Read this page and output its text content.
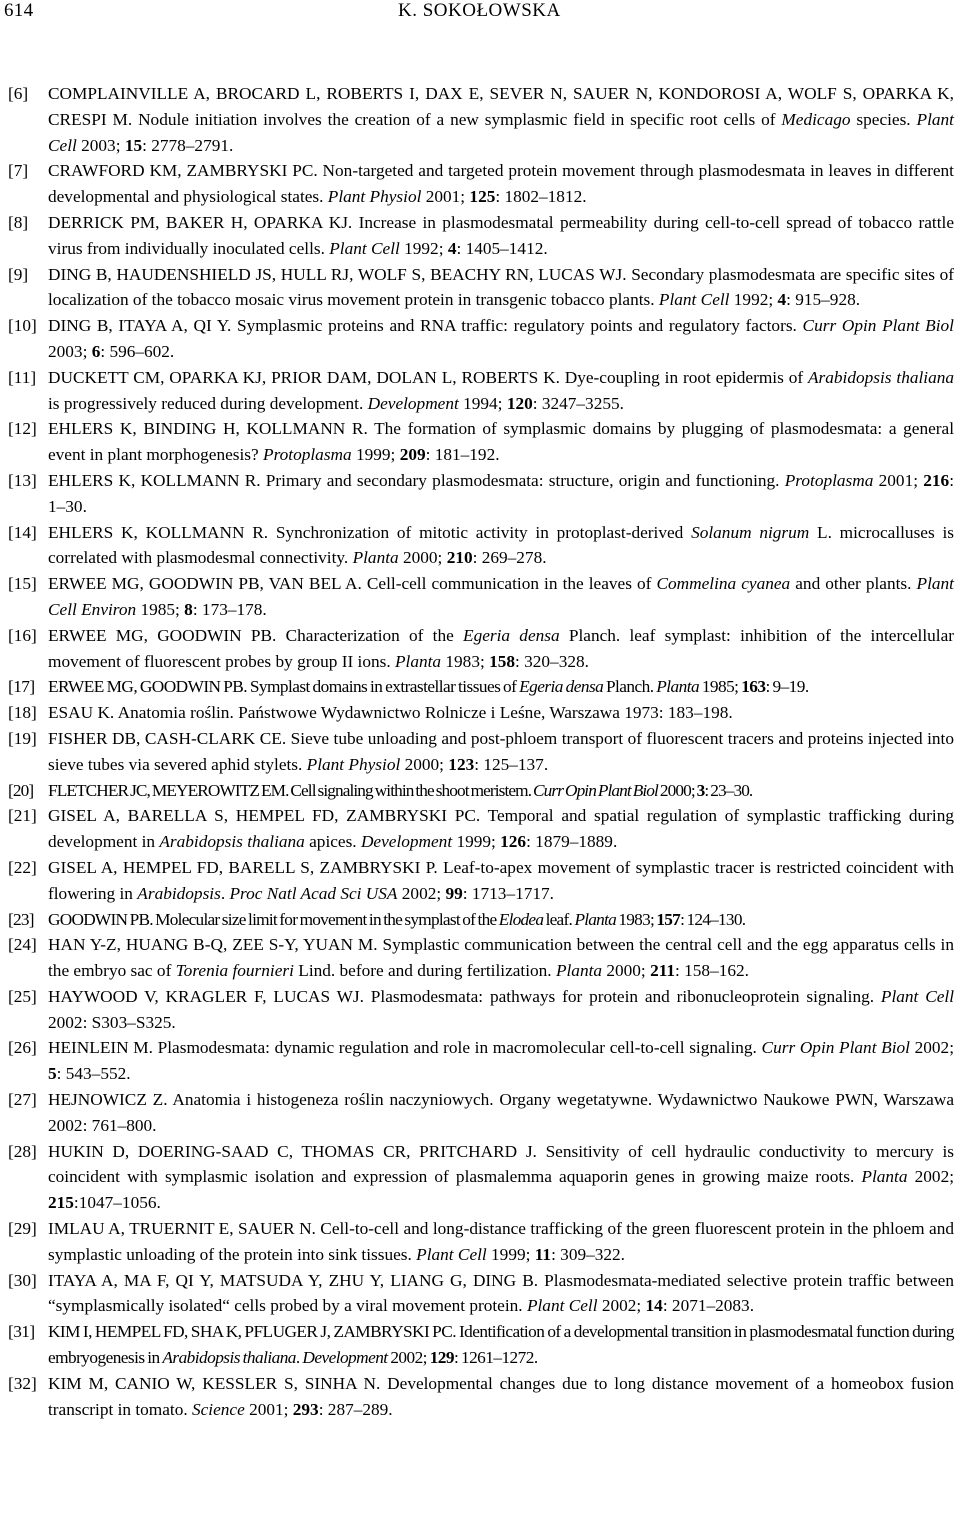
614	K. SOKOŁOWSKA

[6] COMPLAINVILLE A, BROCARD L, ROBERTS I, DAX E, SEVER N, SAUER N, KONDOROSI A, WOLF S, OPARKA K, CRESPI M. Nodule initiation involves the creation of a new symplasmic field in specific root cells of Medicago species. Plant Cell 2003; 15: 2778–2791.

[7] CRAWFORD KM, ZAMBRYSKI PC. Non-targeted and targeted protein movement through plasmodesmata in leaves in different developmental and physiological states. Plant Physiol 2001; 125: 1802–1812.

[8] DERRICK PM, BAKER H, OPARKA KJ. Increase in plasmodesmatal permeability during cell-to-cell spread of tobacco rattle virus from individually inoculated cells. Plant Cell 1992; 4: 1405–1412.

[9] DING B, HAUDENSHIELD JS, HULL RJ, WOLF S, BEACHY RN, LUCAS WJ. Secondary plasmodesmata are specific sites of localization of the tobacco mosaic virus movement protein in transgenic tobacco plants. Plant Cell 1992; 4: 915–928.

[10] DING B, ITAYA A, QI Y. Symplasmic proteins and RNA traffic: regulatory points and regulatory factors. Curr Opin Plant Biol 2003; 6: 596–602.

[11] DUCKETT CM, OPARKA KJ, PRIOR DAM, DOLAN L, ROBERTS K. Dye-coupling in root epidermis of Arabidopsis thaliana is progressively reduced during development. Development 1994; 120: 3247–3255.

[12] EHLERS K, BINDING H, KOLLMANN R. The formation of symplasmic domains by plugging of plasmodesmata: a general event in plant morphogenesis? Protoplasma 1999; 209: 181–192.

[13] EHLERS K, KOLLMANN R. Primary and secondary plasmodesmata: structure, origin and functioning. Protoplasma 2001; 216: 1–30.

[14] EHLERS K, KOLLMANN R. Synchronization of mitotic activity in protoplast-derived Solanum nigrum L. microcalluses is correlated with plasmodesmal connectivity. Planta 2000; 210: 269–278.

[15] ERWEE MG, GOODWIN PB, VAN BEL A. Cell-cell communication in the leaves of Commelina cyanea and other plants. Plant Cell Environ 1985; 8: 173–178.

[16] ERWEE MG, GOODWIN PB. Characterization of the Egeria densa Planch. leaf symplast: inhibition of the intercellular movement of fluorescent probes by group II ions. Planta 1983; 158: 320–328.

[17] ERWEE MG, GOODWIN PB. Symplast domains in extrastellar tissues of Egeria densa Planch. Planta 1985; 163: 9–19.

[18] ESAU K. Anatomia roślin. Państwowe Wydawnictwo Rolnicze i Leśne, Warszawa 1973: 183–198.

[19] FISHER DB, CASH-CLARK CE. Sieve tube unloading and post-phloem transport of fluorescent tracers and proteins injected into sieve tubes via severed aphid stylets. Plant Physiol 2000; 123: 125–137.

[20] FLETCHER JC, MEYEROWITZ EM. Cell signaling within the shoot meristem. Curr Opin Plant Biol 2000; 3: 23–30.

[21] GISEL A, BARELLA S, HEMPEL FD, ZAMBRYSKI PC. Temporal and spatial regulation of symplastic trafficking during development in Arabidopsis thaliana apices. Development 1999; 126: 1879–1889.

[22] GISEL A, HEMPEL FD, BARELL S, ZAMBRYSKI P. Leaf-to-apex movement of symplastic tracer is restricted coincident with flowering in Arabidopsis. Proc Natl Acad Sci USA 2002; 99: 1713–1717.

[23] GOODWIN PB. Molecular size limit for movement in the symplast of the Elodea leaf. Planta 1983; 157: 124–130.

[24] HAN Y-Z, HUANG B-Q, ZEE S-Y, YUAN M. Symplastic communication between the central cell and the egg apparatus cells in the embryo sac of Torenia fournieri Lind. before and during fertilization. Planta 2000; 211: 158–162.

[25] HAYWOOD V, KRAGLER F, LUCAS WJ. Plasmodesmata: pathways for protein and ribonucleoprotein signaling. Plant Cell 2002: S303–S325.

[26] HEINLEIN M. Plasmodesmata: dynamic regulation and role in macromolecular cell-to-cell signaling. Curr Opin Plant Biol 2002; 5: 543–552.

[27] HEJNOWICZ Z. Anatomia i histogeneza roślin naczyniowych. Organy wegetatywne. Wydawnictwo Naukowe PWN, Warszawa 2002: 761–800.

[28] HUKIN D, DOERING-SAAD C, THOMAS CR, PRITCHARD J. Sensitivity of cell hydraulic conductivity to mercury is coincident with symplasmic isolation and expression of plasmalemma aquaporin genes in growing maize roots. Planta 2002; 215:1047–1056.

[29] IMLAU A, TRUERNIT E, SAUER N. Cell-to-cell and long-distance trafficking of the green fluorescent protein in the phloem and symplastic unloading of the protein into sink tissues. Plant Cell 1999; 11: 309–322.

[30] ITAYA A, MA F, QI Y, MATSUDA Y, ZHU Y, LIANG G, DING B. Plasmodesmata-mediated selective protein traffic between “symplasmically isolated“ cells probed by a viral movement protein. Plant Cell 2002; 14: 2071–2083.

[31] KIM I, HEMPEL FD, SHA K, PFLUGER J, ZAMBRYSKI PC. Identification of a developmental transition in plasmodesmatal function during embryogenesis in Arabidopsis thaliana. Development 2002; 129: 1261–1272.

[32] KIM M, CANIO W, KESSLER S, SINHA N. Developmental changes due to long distance movement of a homeobox fusion transcript in tomato. Science 2001; 293: 287–289.
